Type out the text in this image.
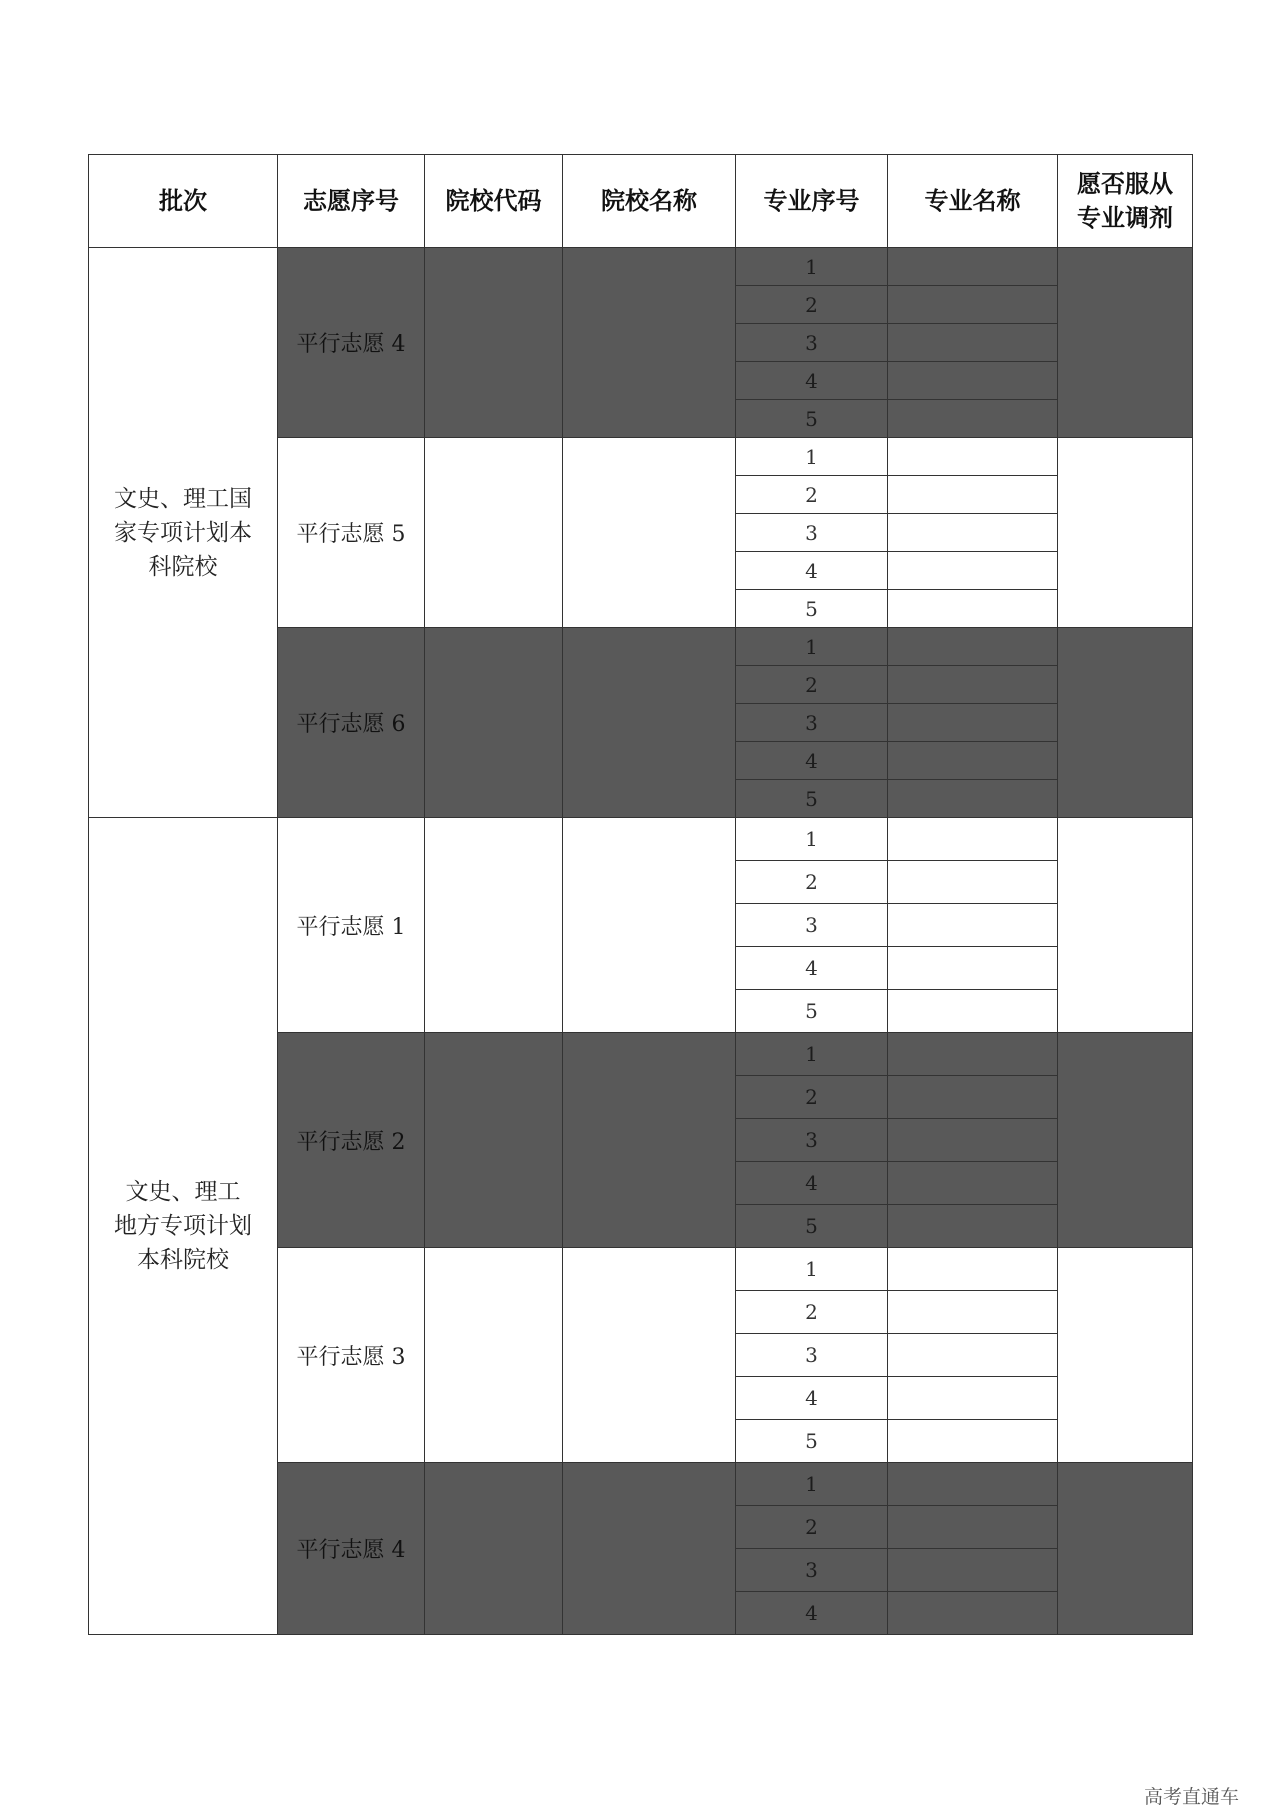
批次	志愿序号	院校代码	院校名称	专业序号	专业名称	愿否服从
专业调剂
文史、理工国
家专项计划本
科院校	平行志愿 4			1		
				2		
				3		
				4		
				5		
	平行志愿 5			1		
				2		
				3		
				4		
				5		
	平行志愿 6			1		
				2		
				3		
				4		
				5		
文史、理工
地方专项计划
本科院校	平行志愿 1			1		
				2		
				3		
				4		
				5		
	平行志愿 2			1		
				2		
				3		
				4		
				5		
	平行志愿 3			1		
				2		
				3		
				4		
				5		
	平行志愿 4			1		
				2		
				3		
				4		
高考直通车
